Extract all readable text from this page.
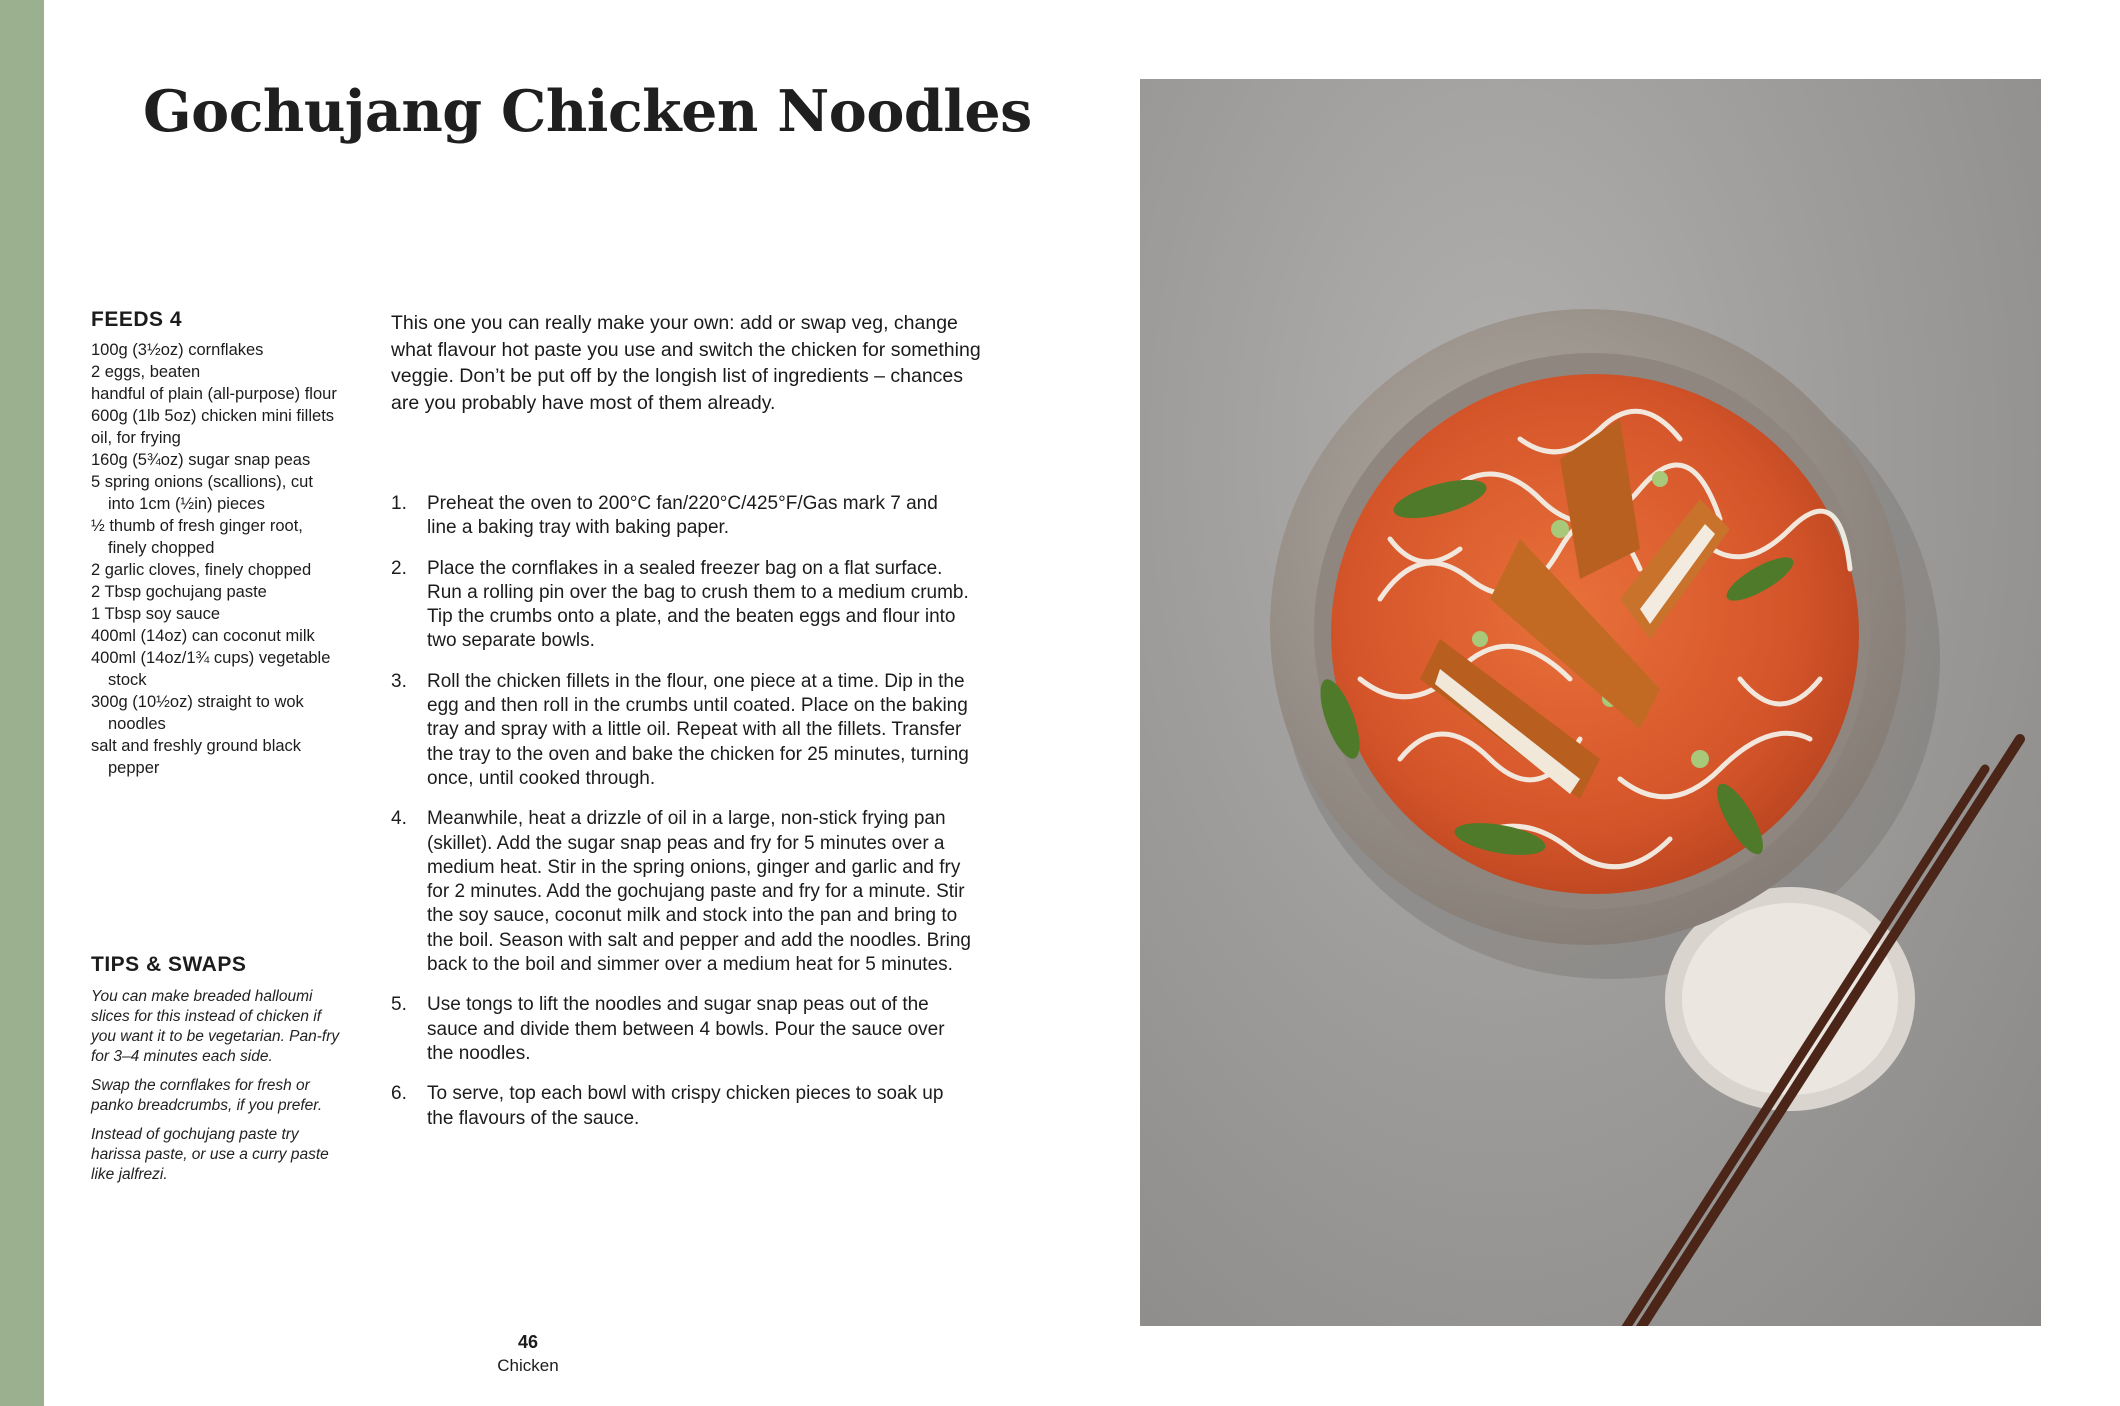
Gochujang Chicken Noodles
FEEDS 4
100g (3½oz) cornflakes
2 eggs, beaten
handful of plain (all-purpose) flour
600g (1lb 5oz) chicken mini fillets
oil, for frying
160g (5¾oz) sugar snap peas
5 spring onions (scallions), cut into 1cm (½in) pieces
½ thumb of fresh ginger root, finely chopped
2 garlic cloves, finely chopped
2 Tbsp gochujang paste
1 Tbsp soy sauce
400ml (14oz) can coconut milk
400ml (14oz/1¾ cups) vegetable stock
300g (10½oz) straight to wok noodles
salt and freshly ground black pepper
TIPS & SWAPS

You can make breaded halloumi slices for this instead of chicken if you want it to be vegetarian. Pan-fry for 3–4 minutes each side.

Swap the cornflakes for fresh or panko breadcrumbs, if you prefer.

Instead of gochujang paste try harissa paste, or use a curry paste like jalfrezi.

This one you can really make your own: add or swap veg, change what flavour hot paste you use and switch the chicken for something veggie. Don’t be put off by the longish list of ingredients – chances are you probably have most of them already.

1.	Preheat the oven to 200°C fan/220°C/425°F/Gas mark 7 and line a baking tray with baking paper.
2.	Place the cornflakes in a sealed freezer bag on a flat surface. Run a rolling pin over the bag to crush them to a medium crumb. Tip the crumbs onto a plate, and the beaten eggs and flour into two separate bowls.
3.	Roll the chicken fillets in the flour, one piece at a time. Dip in the egg and then roll in the crumbs until coated. Place on the baking tray and spray with a little oil. Repeat with all the fillets. Transfer the tray to the oven and bake the chicken for 25 minutes, turning once, until cooked through.
4.	Meanwhile, heat a drizzle of oil in a large, non-stick frying pan (skillet). Add the sugar snap peas and fry for 5 minutes over a medium heat. Stir in the spring onions, ginger and garlic and fry for 2 minutes. Add the gochujang paste and fry for a minute. Stir the soy sauce, coconut milk and stock into the pan and bring to the boil. Season with salt and pepper and add the noodles. Bring back to the boil and simmer over a medium heat for 5 minutes.
5.	Use tongs to lift the noodles and sugar snap peas out of the sauce and divide them between 4 bowls. Pour the sauce over the noodles.
6.	To serve, top each bowl with crispy chicken pieces to soak up the flavours of the sauce.
46
Chicken
